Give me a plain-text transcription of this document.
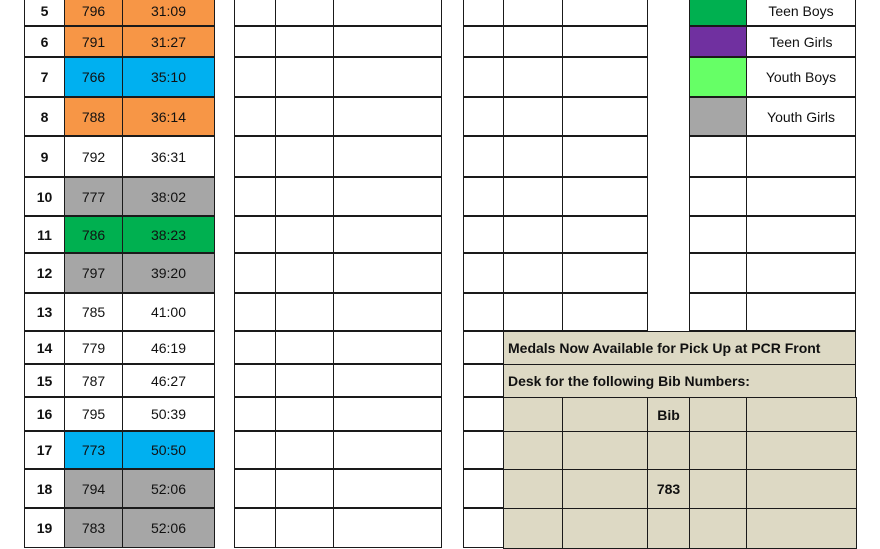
5	796	31:09
6	791	31:27
7	766	35:10
8	788	36:14
9	792	36:31
10	777	38:02
11	786	38:23
12	797	39:20
13	785	41:00
14	779	46:19
15	787	46:27
16	795	50:39
17	773	50:50
18	794	52:06
19	783	52:06
Teen Boys
Teen Girls
Youth Boys
Youth Girls
Medals Now Available for Pick Up at PCR Front
Desk for the following Bib Numbers:
Bib
783
